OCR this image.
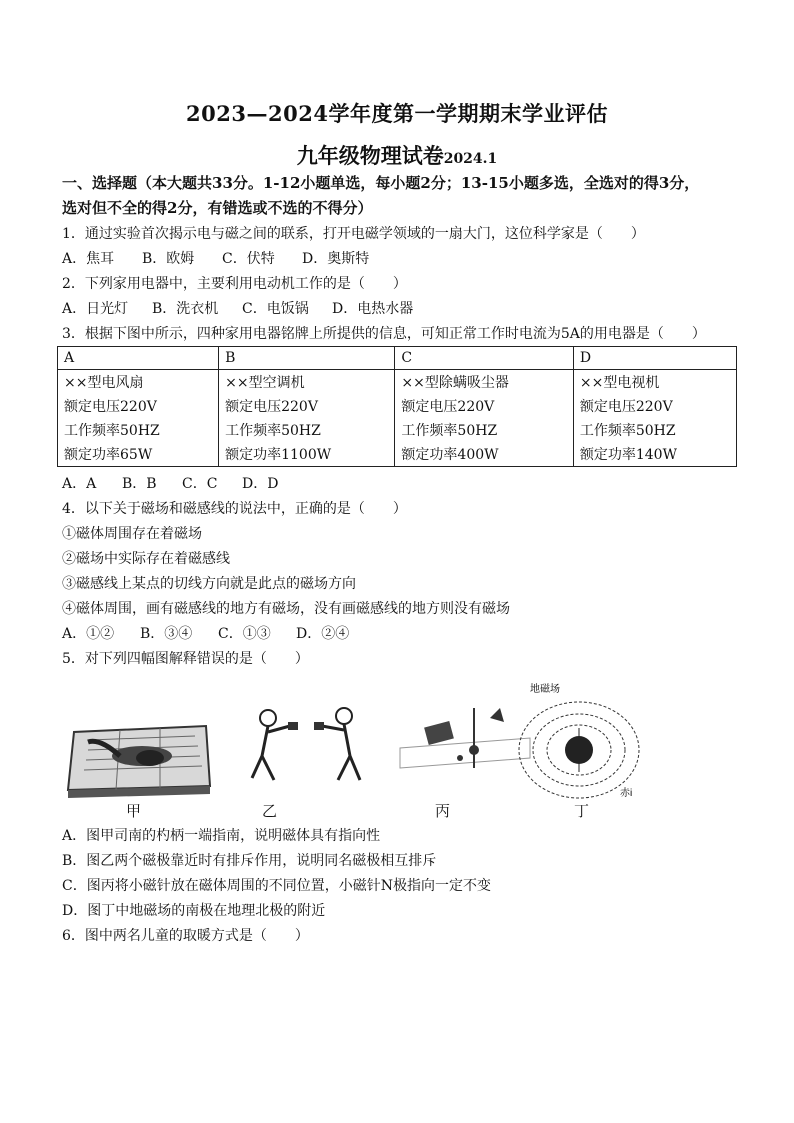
2023—2024学年度第一学期期末学业评估
九年级物理试卷2024.1
一、选择题（本大题共33分。1-12小题单选，每小题2分；13-15小题多选，全选对的得3分，
选对但不全的得2分，有错选或不选的不得分）
1．通过实验首次揭示电与磁之间的联系，打开电磁学领域的一扇大门，这位科学家是（　　）
A．焦耳 B．欧姆 C．伏特 D．奥斯特
2．下列家用电器中，主要利用电动机工作的是（　　）
A．日光灯 B．洗衣机 C．电饭锅 D．电热水器
3．根据下图中所示，四种家用电器铭牌上所提供的信息，可知正常工作时电流为5A的用电器是（　　）
A	B	C	D
××型电风扇	××型空调机	××型除螨吸尘器	××型电视机
额定电压220V	额定电压220V	额定电压220V	额定电压220V
工作频率50HZ	工作频率50HZ	工作频率50HZ	工作频率50HZ
额定功率65W	额定功率1100W	额定功率400W	额定功率140W
A．A B．B C．C D．D
4．以下关于磁场和磁感线的说法中，正确的是（　　）
①磁体周围存在着磁场
②磁场中实际存在着磁感线
③磁感线上某点的切线方向就是此点的磁场方向
④磁体周围，画有磁感线的地方有磁场，没有画磁感线的地方则没有磁场
A．①② B．③④ C．①③ D．②④
5．对下列四幅图解释错误的是（　　）
地磁场
赤i
甲	乙	丙	丁
A．图甲司南的杓柄一端指南，说明磁体具有指向性
B．图乙两个磁极靠近时有排斥作用，说明同名磁极相互排斥
C．图丙将小磁针放在磁体周围的不同位置，小磁针N极指向一定不变
D．图丁中地磁场的南极在地理北极的附近
6．图中两名儿童的取暖方式是（　　）
